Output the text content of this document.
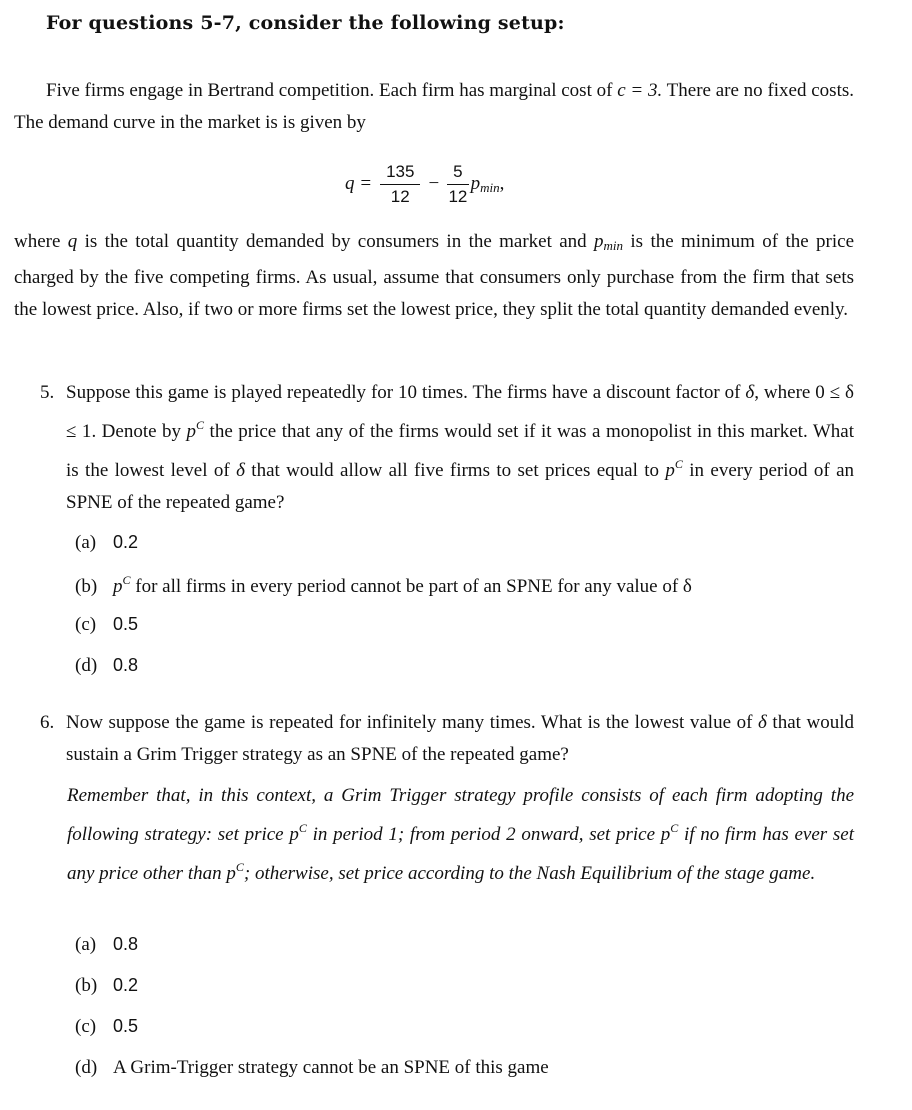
For questions 5-7, consider the following setup:
Five firms engage in Bertrand competition. Each firm has marginal cost of c = 3. There are no fixed costs. The demand curve in the market is is given by
$q = \frac{135}{12} - \frac{5}{12} p_{min}$,
where q is the total quantity demanded by consumers in the market and $p_{min}$ is the minimum of the price charged by the five competing firms. As usual, assume that consumers only purchase from the firm that sets the lowest price. Also, if two or more firms set the lowest price, they split the total quantity demanded evenly.
5. Suppose this game is played repeatedly for 10 times. The firms have a discount factor of δ, where 0 ≤ δ ≤ 1. Denote by $p^C$ the price that any of the firms would set if it was a monopolist in this market. What is the lowest level of δ that would allow all five firms to set prices equal to $p^C$ in every period of an SPNE of the repeated game?
(a) 0.2
(b) $p^C$ for all firms in every period cannot be part of an SPNE for any value of δ
(c) 0.5
(d) 0.8
6. Now suppose the game is repeated for infinitely many times. What is the lowest value of δ that would sustain a Grim Trigger strategy as an SPNE of the repeated game?
Remember that, in this context, a Grim Trigger strategy profile consists of each firm adopting the following strategy: set price $p^C$ in period 1; from period 2 onward, set price $p^C$ if no firm has ever set any price other than $p^C$; otherwise, set price according to the Nash Equilibrium of the stage game.
(a) 0.8
(b) 0.2
(c) 0.5
(d) A Grim-Trigger strategy cannot be an SPNE of this game
